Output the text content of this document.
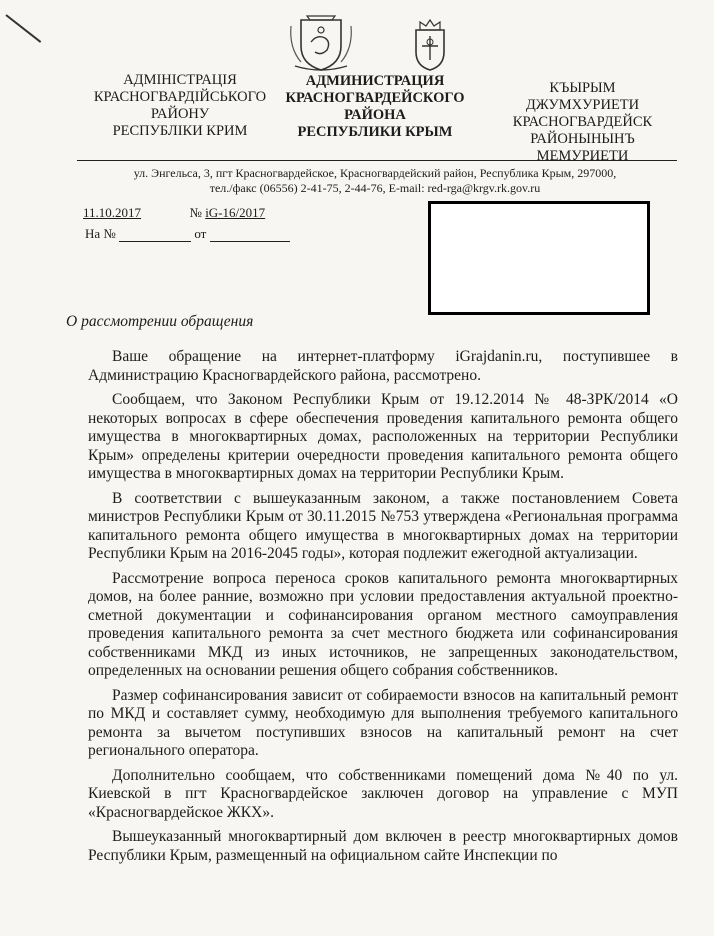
АДМІНІСТРАЦІЯ
КРАСНОГВАРДІЙСЬКОГО
РАЙОНУ
РЕСПУБЛІКИ КРИМ
АДМИНИСТРАЦИЯ
КРАСНОГВАРДЕЙСКОГО
РАЙОНА
РЕСПУБЛИКИ КРЫМ
КЪЫРЫМ
ДЖУМХУРИЕТИ
КРАСНОГВАРДЕЙСК
РАЙОНЫНЫНЪ
МЕМУРИЕТИ
ул. Энгельса, 3, пгт Красногвардейское, Красногвардейский район, Республика Крым, 297000,
тел./факс (06556) 2-41-75, 2-44-76, E-mail: red-rga@krgv.rk.gov.ru
11.10.2017	№ iG-16/2017
На №	от
О рассмотрении обращения

Ваше обращение на интернет-платформу iGrajdanin.ru, поступившее в Администрацию Красногвардейского района, рассмотрено.

Сообщаем, что Законом Республики Крым от 19.12.2014 № 48-ЗРК/2014 «О некоторых вопросах в сфере обеспечения проведения капитального ремонта общего имущества в многоквартирных домах, расположенных на территории Республики Крым» определены критерии очередности проведения капитального ремонта общего имущества в многоквартирных домах на территории Республики Крым.

В соответствии с вышеуказанным законом, а также постановлением Совета министров Республики Крым от 30.11.2015 №753 утверждена «Региональная программа капитального ремонта общего имущества в многоквартирных домах на территории Республики Крым на 2016-2045 годы», которая подлежит ежегодной актуализации.

Рассмотрение вопроса переноса сроков капитального ремонта многоквартирных домов, на более ранние, возможно при условии предоставления актуальной проектно-сметной документации и софинансирования органом местного самоуправления проведения капитального ремонта за счет местного бюджета или софинансирования собственниками МКД из иных источников, не запрещенных законодательством, определенных на основании решения общего собрания собственников.

Размер софинансирования зависит от собираемости взносов на капитальный ремонт по МКД и составляет сумму, необходимую для выполнения требуемого капитального ремонта за вычетом поступивших взносов на капитальный ремонт на счет регионального оператора.

Дополнительно сообщаем, что собственниками помещений дома №40 по ул. Киевской в пгт Красногвардейское заключен договор на управление с МУП «Красногвардейское ЖКХ».

Вышеуказанный многоквартирный дом включен в реестр многоквартирных домов Республики Крым, размещенный на официальном сайте Инспекции по
